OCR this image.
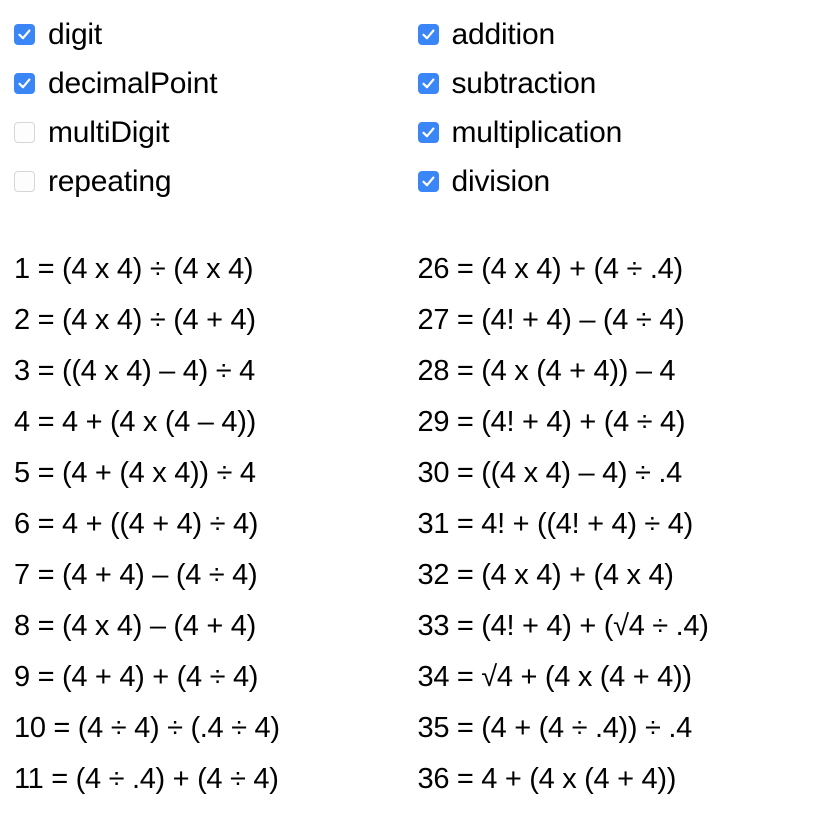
digit
decimalPoint
multiDigit
repeating
addition
subtraction
multiplication
division
1 = (4 x 4) ÷ (4 x 4)
2 = (4 x 4) ÷ (4 + 4)
3 = ((4 x 4) – 4) ÷ 4
4 = 4 + (4 x (4 – 4))
5 = (4 + (4 x 4)) ÷ 4
6 = 4 + ((4 + 4) ÷ 4)
7 = (4 + 4) – (4 ÷ 4)
8 = (4 x 4) – (4 + 4)
9 = (4 + 4) + (4 ÷ 4)
10 = (4 ÷ 4) ÷ (.4 ÷ 4)
11 = (4 ÷ .4) + (4 ÷ 4)
26 = (4 x 4) + (4 ÷ .4)
27 = (4! + 4) – (4 ÷ 4)
28 = (4 x (4 + 4)) – 4
29 = (4! + 4) + (4 ÷ 4)
30 = ((4 x 4) – 4) ÷ .4
31 = 4! + ((4! + 4) ÷ 4)
32 = (4 x 4) + (4 x 4)
33 = (4! + 4) + (√4 ÷ .4)
34 = √4 + (4 x (4 + 4))
35 = (4 + (4 ÷ .4)) ÷ .4
36 = 4 + (4 x (4 + 4))
